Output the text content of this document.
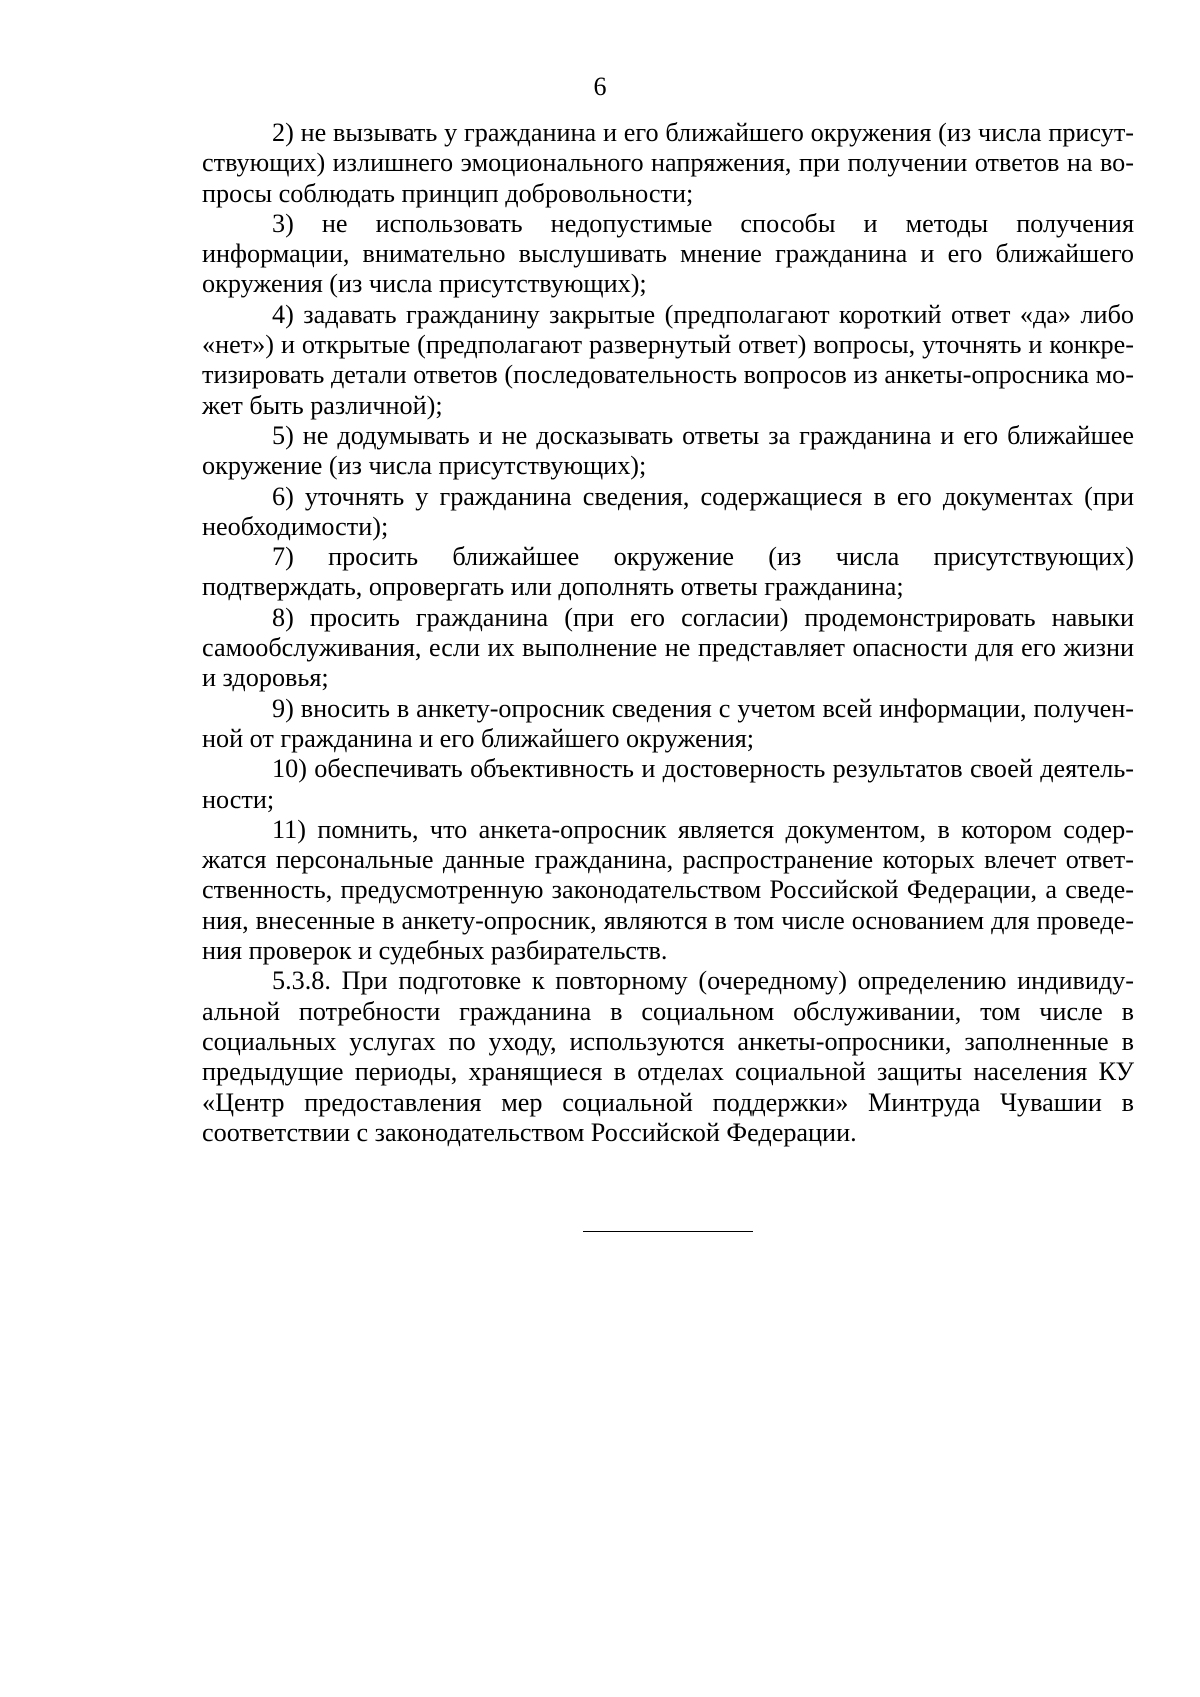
6

2) не вызывать у гражданина и его ближайшего окружения (из числа присутствующих) излишнего эмоционального напряжения, при получении ответов на вопросы соблюдать принцип добровольности;

3) не использовать недопустимые способы и методы получения информации, внимательно выслушивать мнение гражданина и его ближайшего окружения (из числа присутствующих);

4) задавать гражданину закрытые (предполагают короткий ответ «да» либо «нет») и открытые (предполагают развернутый ответ) вопросы, уточнять и конкретизировать детали ответов (последовательность вопросов из анкеты-опросника может быть различной);

5) не додумывать и не досказывать ответы за гражданина и его ближайшее окружение (из числа присутствующих);

6) уточнять у гражданина сведения, содержащиеся в его документах (при необходимости);

7) просить ближайшее окружение (из числа присутствующих) подтверждать, опровергать или дополнять ответы гражданина;

8) просить гражданина (при его согласии) продемонстрировать навыки самообслуживания, если их выполнение не представляет опасности для его жизни и здоровья;

9) вносить в анкету-опросник сведения с учетом всей информации, полученной от гражданина и его ближайшего окружения;

10) обеспечивать объективность и достоверность результатов своей деятельности;

11) помнить, что анкета-опросник является документом, в котором содержатся персональные данные гражданина, распространение которых влечет ответственность, предусмотренную законодательством Российской Федерации, а сведения, внесенные в анкету-опросник, являются в том числе основанием для проведения проверок и судебных разбирательств.

5.3.8. При подготовке к повторному (очередному) определению индивидуальной потребности гражданина в социальном обслуживании, том числе в социальных услугах по уходу, используются анкеты-опросники, заполненные в предыдущие периоды, хранящиеся в отделах социальной защиты населения КУ «Центр предоставления мер социальной поддержки» Минтруда Чувашии в соответствии с законодательством Российской Федерации.
